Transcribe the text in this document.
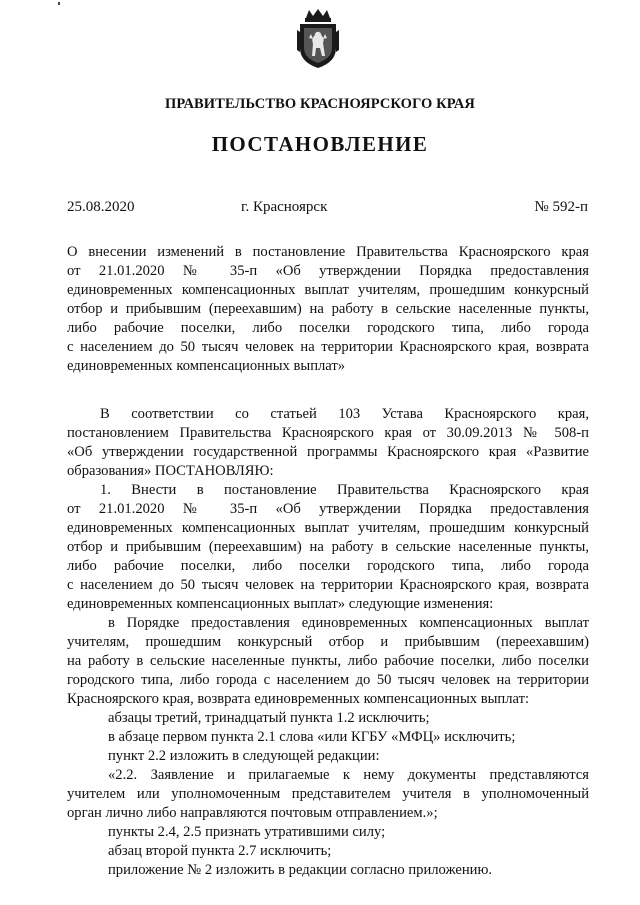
ПРАВИТЕЛЬСТВО КРАСНОЯРСКОГО КРАЯ
ПОСТАНОВЛЕНИЕ
25.08.2020	г. Красноярск	№ 592-п
О внесении изменений в постановление Правительства Красноярского края
от 21.01.2020 № 35-п «Об утверждении Порядка предоставления
единовременных компенсационных выплат учителям, прошедшим конкурсный
отбор и прибывшим (переехавшим) на работу в сельские населенные пункты,
либо рабочие поселки, либо поселки городского типа, либо города
с населением до 50 тысяч человек на территории Красноярского края, возврата
единовременных компенсационных выплат»
В соответствии со статьей 103 Устава Красноярского края,
постановлением Правительства Красноярского края от 30.09.2013 № 508-п
«Об утверждении государственной программы Красноярского края «Развитие
образования» ПОСТАНОВЛЯЮ:
1. Внести в постановление Правительства Красноярского края
от 21.01.2020 № 35-п «Об утверждении Порядка предоставления
единовременных компенсационных выплат учителям, прошедшим конкурсный
отбор и прибывшим (переехавшим) на работу в сельские населенные пункты,
либо рабочие поселки, либо поселки городского типа, либо города
с населением до 50 тысяч человек на территории Красноярского края, возврата
единовременных компенсационных выплат» следующие изменения:
в Порядке предоставления единовременных компенсационных выплат
учителям, прошедшим конкурсный отбор и прибывшим (переехавшим)
на работу в сельские населенные пункты, либо рабочие поселки, либо поселки
городского типа, либо города с населением до 50 тысяч человек на территории
Красноярского края, возврата единовременных компенсационных выплат:
абзацы третий, тринадцатый пункта 1.2 исключить;
в абзаце первом пункта 2.1 слова «или КГБУ «МФЦ» исключить;
пункт 2.2 изложить в следующей редакции:
«2.2. Заявление и прилагаемые к нему документы представляются
учителем или уполномоченным представителем учителя в уполномоченный
орган лично либо направляются почтовым отправлением.»;
пункты 2.4, 2.5 признать утратившими силу;
абзац второй пункта 2.7 исключить;
приложение № 2 изложить в редакции согласно приложению.
